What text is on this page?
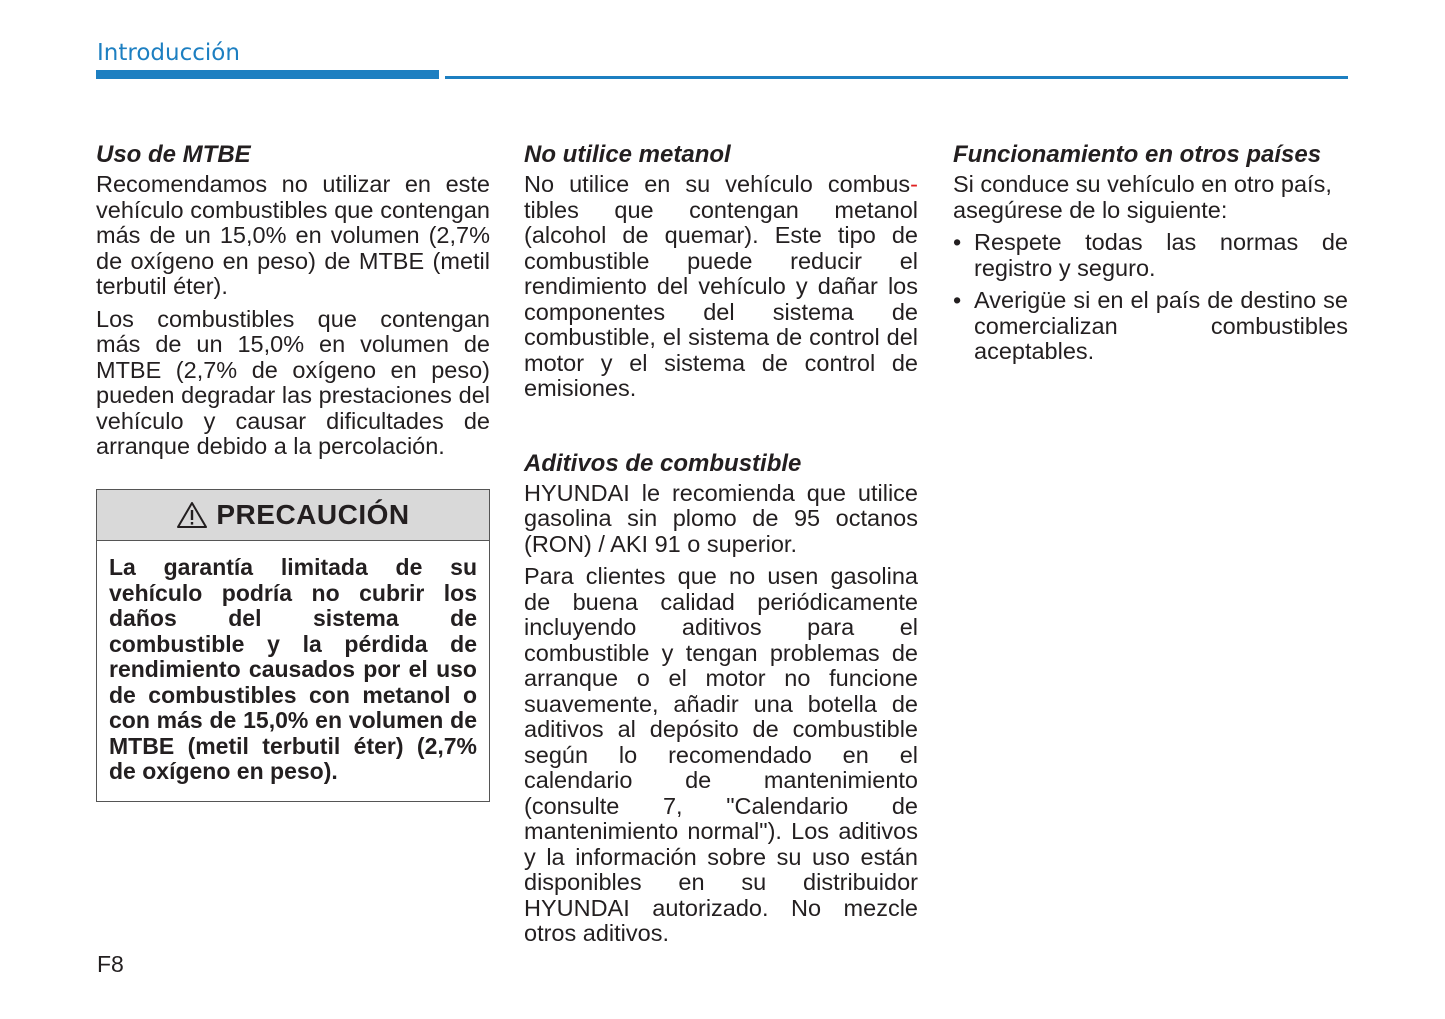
Introducción
Uso de MTBE

Recomendamos no utilizar en este vehículo combustibles que contengan más de un 15,0% en volumen (2,7% de oxígeno en peso) de MTBE (metil terbutil éter).

Los combustibles que contengan más de un 15,0% en volumen de MTBE (2,7% de oxígeno en peso) pueden degradar las prestaciones del vehículo y causar dificultades de arranque debido a la percolación.

PRECAUCIÓN
La garantía limitada de su vehículo podría no cubrir los daños del sistema de combustible y la pérdida de rendimiento causados por el uso de combustibles con metanol o con más de 15,0% en volumen de MTBE (metil terbutil éter) (2,7% de oxígeno en peso).
No utilice metanol

No utilice en su vehículo combus- tibles que contengan metanol (alcohol de quemar). Este tipo de combustible puede reducir el rendimiento del vehículo y dañar los componentes del sistema de combustible, el sistema de control del motor y el sistema de control de emisiones.

Aditivos de combustible

HYUNDAI le recomienda que utilice gasolina sin plomo de 95 octanos (RON) / AKI 91 o superior.

Para clientes que no usen gasolina de buena calidad periódicamente incluyendo aditivos para el combustible y tengan problemas de arranque o el motor no funcione suavemente, añadir una botella de aditivos al depósito de combustible según lo recomendado en el calendario de mantenimiento (consulte 7, "Calendario de mantenimiento normal"). Los aditivos y la información sobre su uso están disponibles en su distribuidor HYUNDAI autorizado. No mezcle otros aditivos.

Funcionamiento en otros países

Si conduce su vehículo en otro país, asegúrese de lo siguiente:

• Respete todas las normas de registro y seguro.
• Averigüe si en el país de destino se comercializan combustibles aceptables.
F8
